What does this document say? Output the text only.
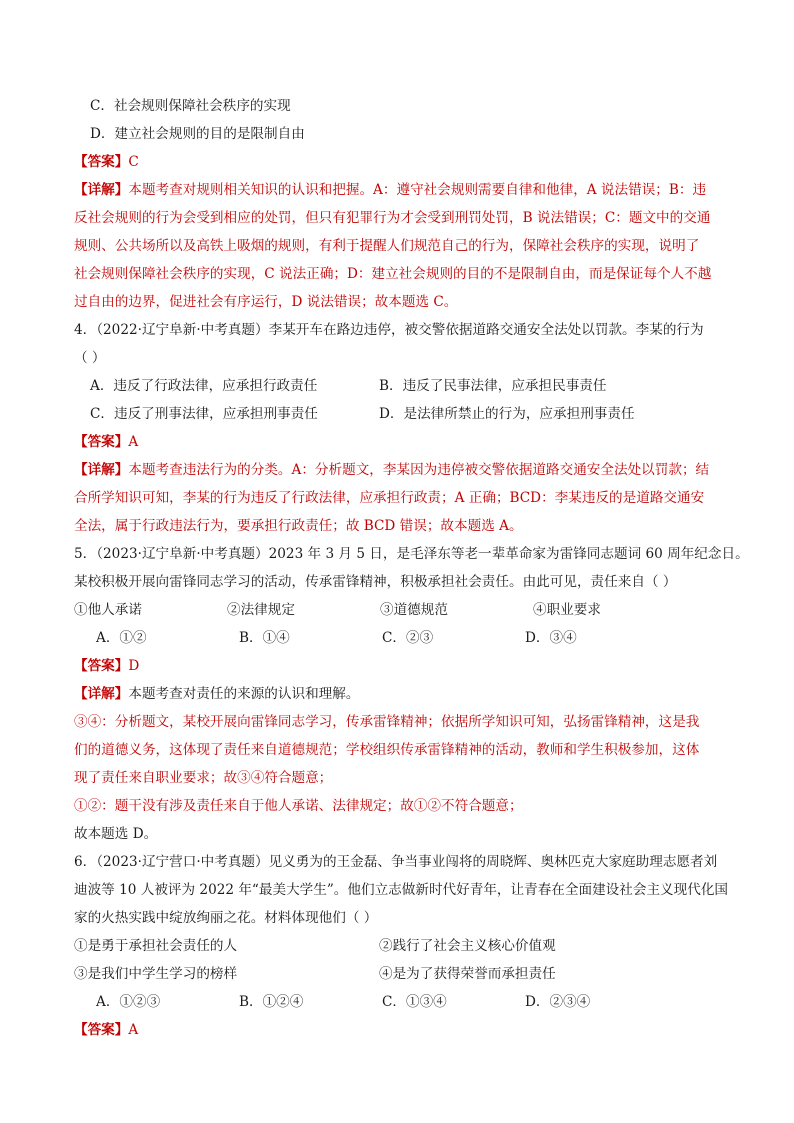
C．社会规则保障社会秩序的实现
D．建立社会规则的目的是限制自由
【答案】C
【详解】本题考查对规则相关知识的认识和把握。A：遵守社会规则需要自律和他律，A 说法错误；B：违
反社会规则的行为会受到相应的处罚，但只有犯罪行为才会受到刑罚处罚，B 说法错误；C：题文中的交通
规则、公共场所以及高铁上吸烟的规则，有利于提醒人们规范自己的行为，保障社会秩序的实现，说明了
社会规则保障社会秩序的实现，C 说法正确；D：建立社会规则的目的不是限制自由，而是保证每个人不越
过自由的边界，促进社会有序运行，D 说法错误；故本题选 C。
4．（2022·辽宁阜新·中考真题）李某开车在路边违停，被交警依据道路交通安全法处以罚款。李某的行为
（ ）
A．违反了行政法律，应承担行政责任	B．违反了民事法律，应承担民事责任
C．违反了刑事法律，应承担刑事责任	D．是法律所禁止的行为，应承担刑事责任
【答案】A
【详解】本题考查违法行为的分类。A：分析题文，李某因为违停被交警依据道路交通安全法处以罚款；结
合所学知识可知，李某的行为违反了行政法律，应承担行政责；A 正确；BCD：李某违反的是道路交通安
全法，属于行政违法行为，要承担行政责任；故 BCD 错误；故本题选 A。
5．（2023·辽宁阜新·中考真题）2023 年 3 月 5 日，是毛泽东等老一辈革命家为雷锋同志题词 60 周年纪念日。
某校积极开展向雷锋同志学习的活动，传承雷锋精神，积极承担社会责任。由此可见，责任来自（ ）
①他人承诺	②法律规定	③道德规范	④职业要求
A．①②	B．①④	C．②③	D．③④
【答案】D
【详解】本题考查对责任的来源的认识和理解。
③④：分析题文，某校开展向雷锋同志学习，传承雷锋精神；依据所学知识可知，弘扬雷锋精神，这是我
们的道德义务，这体现了责任来自道德规范；学校组织传承雷锋精神的活动，教师和学生积极参加，这体
现了责任来自职业要求；故③④符合题意；
①②：题干没有涉及责任来自于他人承诺、法律规定；故①②不符合题意；
故本题选 D。
6．（2023·辽宁营口·中考真题）见义勇为的王金磊、争当事业闯将的周晓辉、奥林匹克大家庭助理志愿者刘
迪波等 10 人被评为 2022 年“最美大学生”。他们立志做新时代好青年，让青春在全面建设社会主义现代化国
家的火热实践中绽放绚丽之花。材料体现他们（ ）
①是勇于承担社会责任的人	②践行了社会主义核心价值观
③是我们中学生学习的榜样	④是为了获得荣誉而承担责任
A．①②③	B．①②④	C．①③④	D．②③④
【答案】A
